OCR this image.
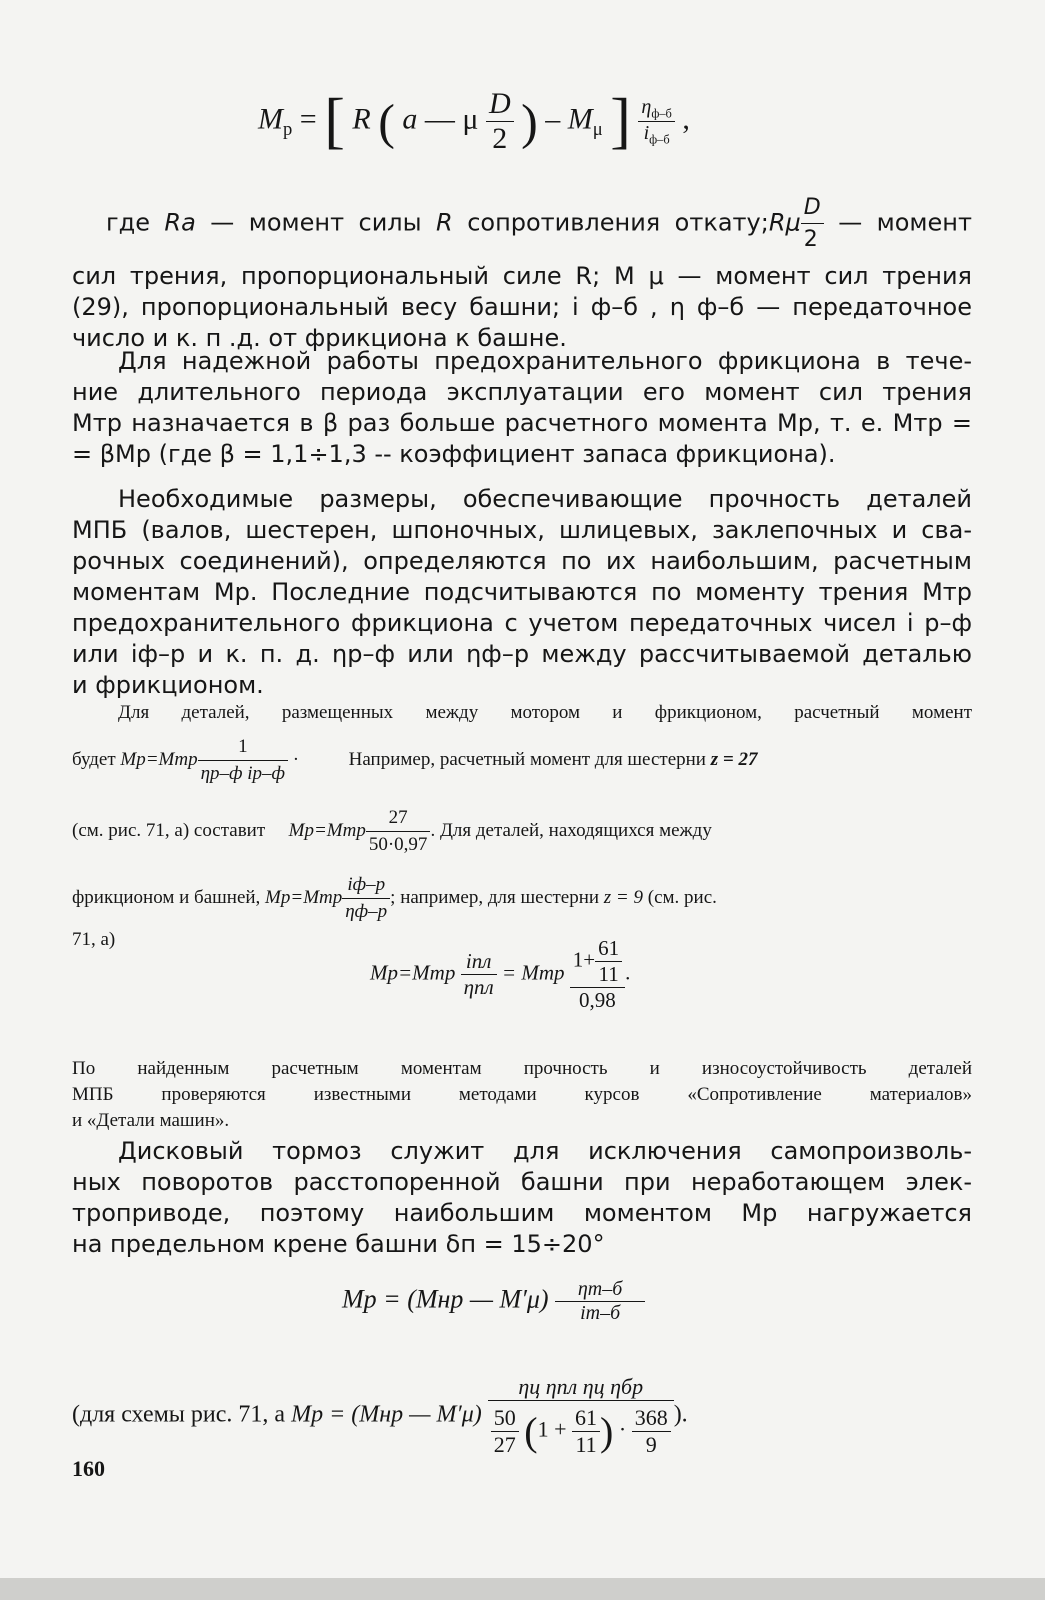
$M_р$ = [ R ( a — μ $\frac{D}{2}$ ) – $M_\mu$ ] $\frac{\eta_{ф-б}}{i_{ф-б}}$ ,
где Ra — момент силы R сопротивления откату;Rμ $\frac{D}{2}$ — момент
сил трения, пропорциональный силе R; M μ — момент сил трения
(29), пропорциональный весу башни; i ф–б , η ф–б — передаточное
число и к. п .д. от фрикциона к башне.
Для надежной работы предохранительного фрикциона в тече-
ние длительного периода эксплуатации его момент сил трения
Mтр назначается в β раз больше расчетного момента Mр, т. е. Mтр =
= βMр (где β = 1,1÷1,3 -- коэффициент запаса фрикциона).
Необходимые размеры, обеспечивающие прочность деталей
МПБ (валов, шестерен, шпоночных, шлицевых, заклепочных и сва-
рочных соединений), определяются по их наибольшим, расчетным
моментам Mр. Последние подсчитываются по моменту трения Mтр
предохранительного фрикциона с учетом передаточных чисел i р–ф
или iф–р и к. п. д. ηр–ф или ηф–р между рассчитываемой деталью
и фрикционом.
Для деталей, размещенных между мотором и фрикционом, расчетный момент
будет $Mр=Mтр \frac{1}{\text{ηр–ф iр–ф}}$ ·  Например, расчетный момент для шестерни z = 27
(см. рис. 71, а) составит $Mр=Mтр \frac{27}{50\cdot 0,97}$ . Для деталей, находящихся между
фрикционом и башней, $Mр=Mтр \frac{iф-р}{\eta ф-р}$ ; например, для шестерни z = 9 (см. рис.
71, а)
$Mр=Mтр \frac{\text{iпл}}{\text{ηпл}}$ = Mтр $\frac{1+ \frac{61}{11}}{0,98}$ .
По найденным расчетным моментам прочность и износоустойчивость деталей
МПБ проверяются известными методами курсов «Сопротивление материалов»
и «Детали машин».
Дисковый тормоз служит для исключения самопроизволь-
ных поворотов расстопоренной башни при неработающем элек-
троприводе, поэтому наибольшим моментом Mр нагружается
на предельном крене башни δп = 15÷20°
Mр = (Mнр — $M'\mu) \frac{\eta т-б}{iт-б}$
(для схемы рис. 71, а Mр = (Mнр — $M'\mu) \frac{\text{ηц ηпл ηц ηбр}}{\frac{50}{27} (1 + \frac{61}{11} ) \cdot \frac{368}{9}}$ ).
160
